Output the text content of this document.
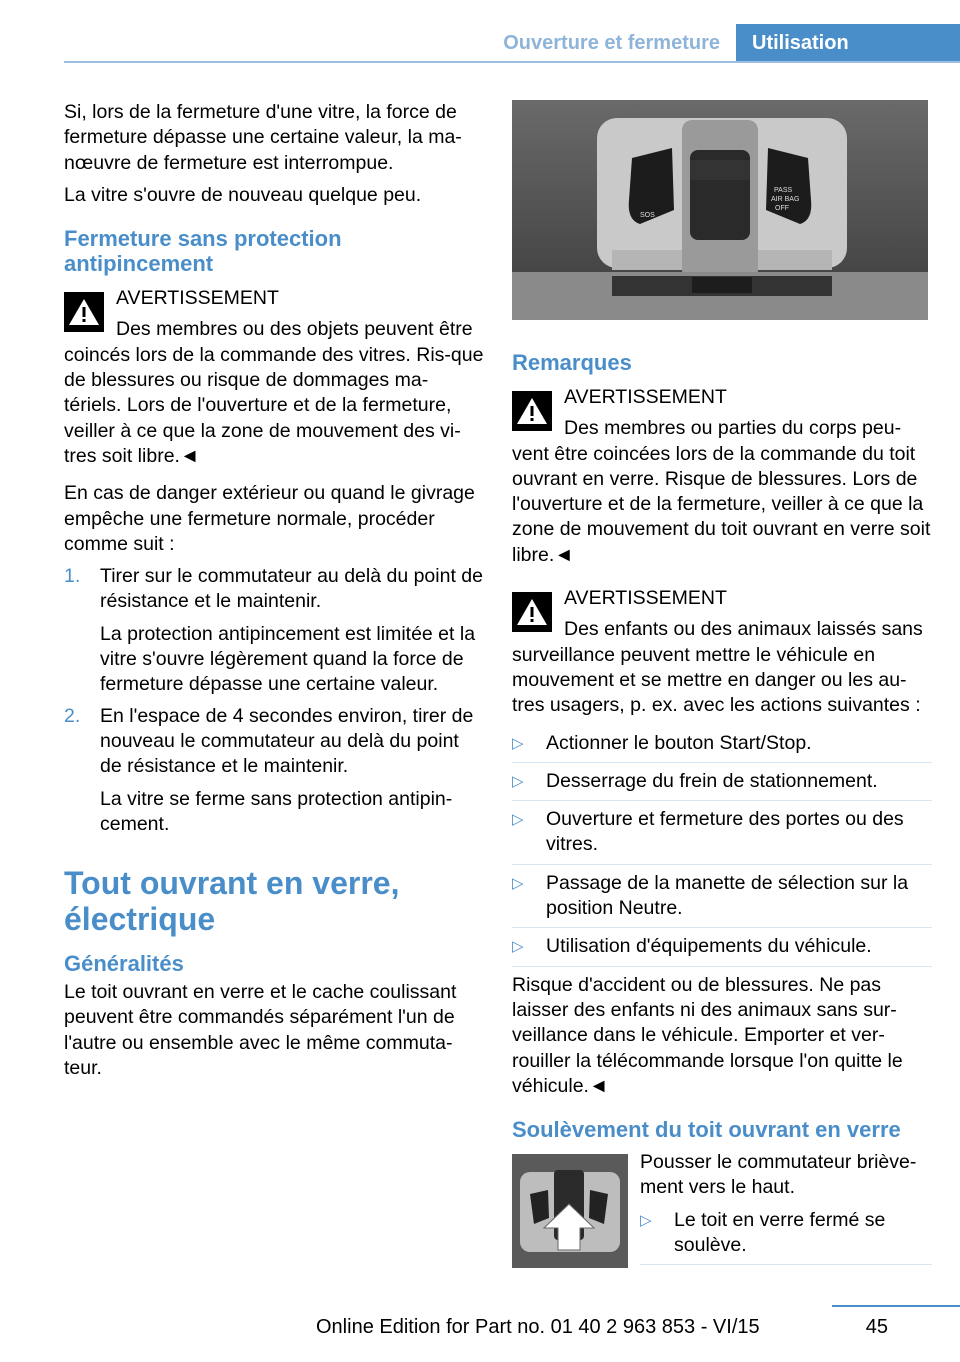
Ouverture et fermeture	Utilisation

Si, lors de la fermeture d'une vitre, la force de fermeture dépasse une certaine valeur, la ma‐nœuvre de fermeture est interrompue.

La vitre s'ouvre de nouveau quelque peu.

Fermeture sans protection antipincement
AVERTISSEMENT
Des membres ou des objets peuvent être coincés lors de la commande des vitres. Ris‐que de blessures ou risque de dommages ma‐tériels. Lors de l'ouverture et de la fermeture, veiller à ce que la zone de mouvement des vi‐tres soit libre.◄

En cas de danger extérieur ou quand le givrage empêche une fermeture normale, procéder comme suit :

1. Tirer sur le commutateur au delà du point de résistance et le maintenir.
La protection antipincement est limitée et la vitre s'ouvre légèrement quand la force de fermeture dépasse une certaine valeur.
2. En l'espace de 4 secondes environ, tirer de nouveau le commutateur au delà du point de résistance et le maintenir.
La vitre se ferme sans protection antipin‐cement.
Tout ouvrant en verre, électrique
Généralités

Le toit ouvrant en verre et le cache coulissant peuvent être commandés séparément l'un de l'autre ou ensemble avec le même commuta‐teur.

SOS
PASS
AIR BAG
OFF
Remarques
AVERTISSEMENT
Des membres ou parties du corps peu‐vent être coincées lors de la commande du toit ouvrant en verre. Risque de blessures. Lors de l'ouverture et de la fermeture, veiller à ce que la zone de mouvement du toit ouvrant en verre soit libre.◄
AVERTISSEMENT
Des enfants ou des animaux laissés sans surveillance peuvent mettre le véhicule en mouvement et se mettre en danger ou les au‐tres usagers, p. ex. avec les actions suivantes :
▷ Actionner le bouton Start/Stop.
▷ Desserrage du frein de stationnement.
▷ Ouverture et fermeture des portes ou des vitres.
▷ Passage de la manette de sélection sur la position Neutre.
▷ Utilisation d'équipements du véhicule.

Risque d'accident ou de blessures. Ne pas laisser des enfants ni des animaux sans sur‐veillance dans le véhicule. Emporter et ver‐rouiller la télécommande lorsque l'on quitte le véhicule.◄

Soulèvement du toit ouvrant en verre

Pousser le commutateur briève‐ment vers le haut.

▷ Le toit en verre fermé se soulève.
Online Edition for Part no. 01 40 2 963 853 - VI/15	45
